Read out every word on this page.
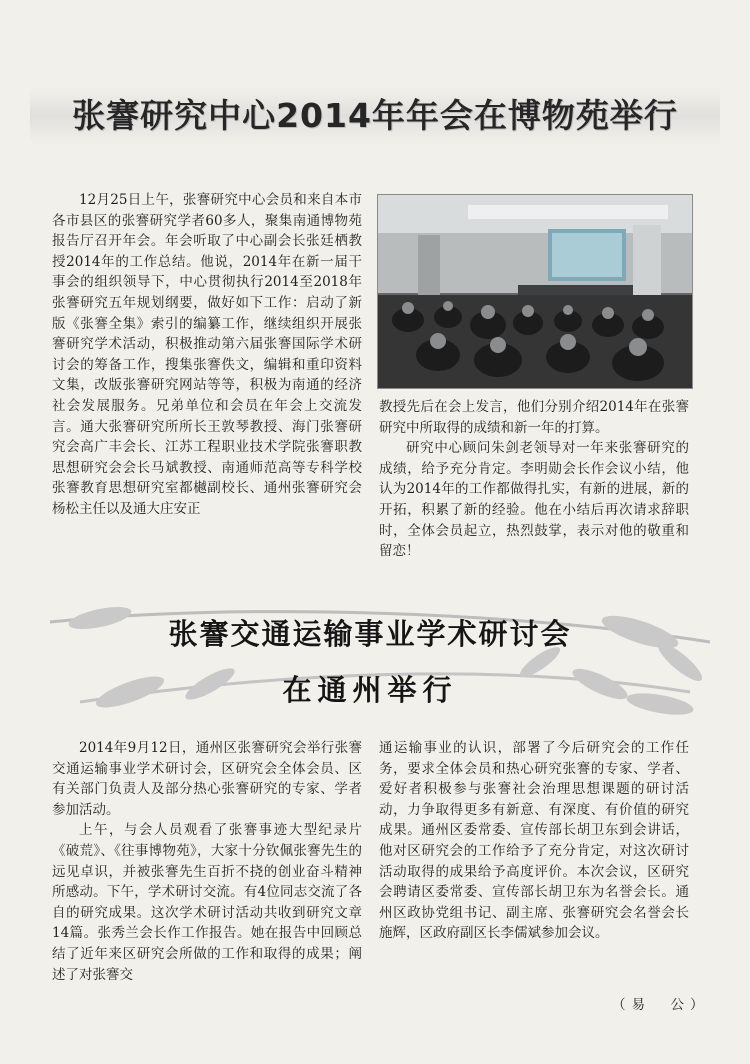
张謇研究中心2014年年会在博物苑举行

12月25日上午，张謇研究中心会员和来自本市各市县区的张謇研究学者60多人，聚集南通博物苑报告厅召开年会。年会听取了中心副会长张廷栖教授2014年的工作总结。他说，2014年在新一届干事会的组织领导下，中心贯彻执行2014至2018年张謇研究五年规划纲要，做好如下工作：启动了新版《张謇全集》索引的编纂工作，继续组织开展张謇研究学术活动，积极推动第六届张謇国际学术研讨会的筹备工作，搜集张謇佚文，编辑和重印资料文集，改版张謇研究网站等等，积极为南通的经济社会发展服务。兄弟单位和会员在年会上交流发言。通大张謇研究所所长王敦琴教授、海门张謇研究会高广丰会长、江苏工程职业技术学院张謇职教思想研究会会长马斌教授、南通师范高等专科学校张謇教育思想研究室都樾副校长、通州张謇研究会杨松主任以及通大庄安正

教授先后在会上发言，他们分别介绍2014年在张謇研究中所取得的成绩和新一年的打算。

研究中心顾问朱剑老领导对一年来张謇研究的成绩，给予充分肯定。李明勋会长作会议小结，他认为2014年的工作都做得扎实，有新的进展，新的开拓，积累了新的经验。他在小结后再次请求辞职时，全体会员起立，热烈鼓掌，表示对他的敬重和留恋！

张謇交通运输事业学术研讨会
在通州举行

2014年9月12日，通州区张謇研究会举行张謇交通运输事业学术研讨会，区研究会全体会员、区有关部门负责人及部分热心张謇研究的专家、学者参加活动。

上午，与会人员观看了张謇事迹大型纪录片《破荒》、《往事博物苑》，大家十分钦佩张謇先生的远见卓识，并被张謇先生百折不挠的创业奋斗精神所感动。下午，学术研讨交流。有4位同志交流了各自的研究成果。这次学术研讨活动共收到研究文章14篇。张秀兰会长作工作报告。她在报告中回顾总结了近年来区研究会所做的工作和取得的成果；阐述了对张謇交

通运输事业的认识，部署了今后研究会的工作任务，要求全体会员和热心研究张謇的专家、学者、爱好者积极参与张謇社会治理思想课题的研讨活动，力争取得更多有新意、有深度、有价值的研究成果。通州区委常委、宣传部长胡卫东到会讲话，他对区研究会的工作给予了充分肯定，对这次研讨活动取得的成果给予高度评价。本次会议，区研究会聘请区委常委、宣传部长胡卫东为名誉会长。通州区政协党组书记、副主席、张謇研究会名誉会长施辉，区政府副区长李儒斌参加会议。

（易　公）
